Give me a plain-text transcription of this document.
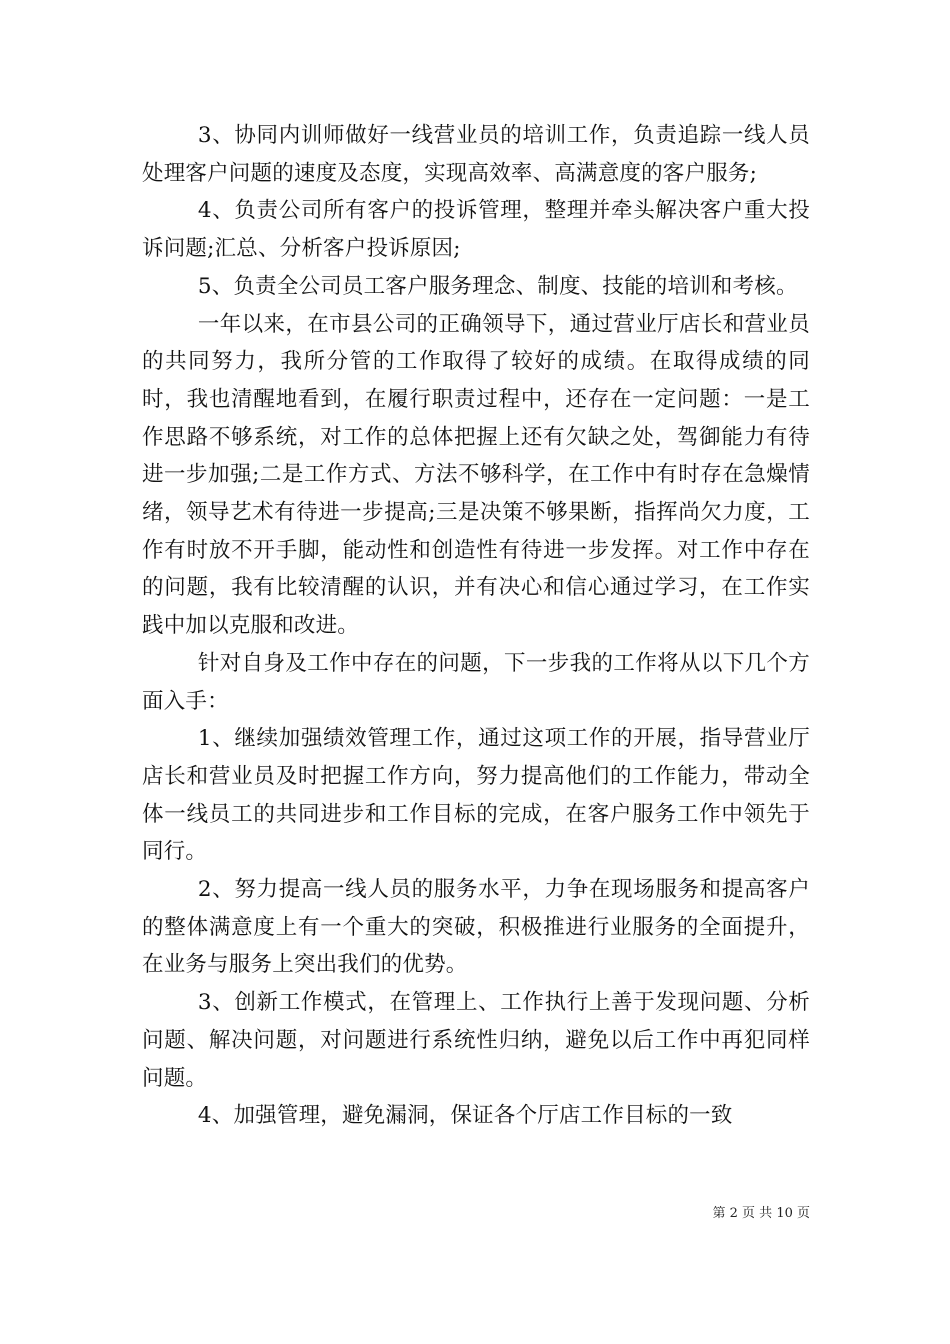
3、协同内训师做好一线营业员的培训工作，负责追踪一线人员处理客户问题的速度及态度，实现高效率、高满意度的客户服务;

4、负责公司所有客户的投诉管理，整理并牵头解决客户重大投诉问题;汇总、分析客户投诉原因;

5、负责全公司员工客户服务理念、制度、技能的培训和考核。

一年以来，在市县公司的正确领导下，通过营业厅店长和营业员的共同努力，我所分管的工作取得了较好的成绩。在取得成绩的同时，我也清醒地看到，在履行职责过程中，还存在一定问题：一是工作思路不够系统，对工作的总体把握上还有欠缺之处，驾御能力有待进一步加强;二是工作方式、方法不够科学，在工作中有时存在急燥情绪，领导艺术有待进一步提高;三是决策不够果断，指挥尚欠力度，工作有时放不开手脚，能动性和创造性有待进一步发挥。对工作中存在的问题，我有比较清醒的认识，并有决心和信心通过学习，在工作实践中加以克服和改进。

针对自身及工作中存在的问题，下一步我的工作将从以下几个方面入手：

1、继续加强绩效管理工作，通过这项工作的开展，指导营业厅店长和营业员及时把握工作方向，努力提高他们的工作能力，带动全体一线员工的共同进步和工作目标的完成，在客户服务工作中领先于同行。

2、努力提高一线人员的服务水平，力争在现场服务和提高客户的整体满意度上有一个重大的突破，积极推进行业服务的全面提升，在业务与服务上突出我们的优势。

3、创新工作模式，在管理上、工作执行上善于发现问题、分析问题、解决问题，对问题进行系统性归纳，避免以后工作中再犯同样问题。

4、加强管理，避免漏洞，保证各个厅店工作目标的一致

第 2 页 共 10 页
